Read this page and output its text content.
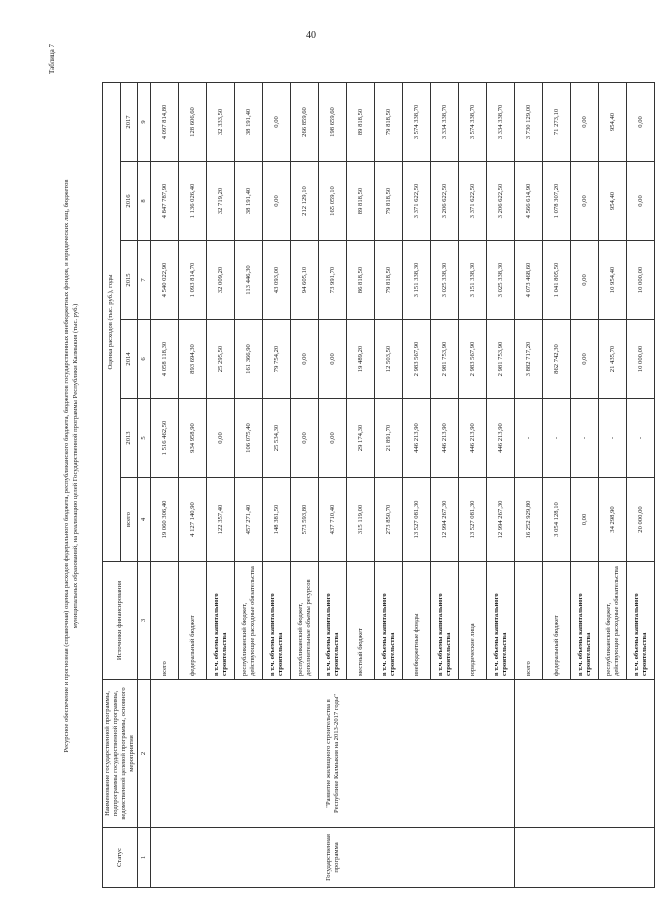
40
Таблица 7
Ресурсное обеспечение и прогнозная (справочная) оценка расходов федерального бюджета, республиканского бюджета, бюджетов государственных внебюджетных фондов, и юридических лиц, бюджетов муниципальных образований, на реализацию целей Государственной программы Республики Калмыкия (тыс. руб.)
Статус	Наименование государственной программы, подпрограммы государственной программы, ведомственной целевой программы, основного мероприятия	Источники финансирования	Оценка расходов (тыс. руб.), годы					
			всего	2013	2014	2015	2016	2017
1	2	3	4	5	6	7	8	9
Государственная программа	"Развитие жилищного строительства в Республике Калмыкия на 2013-2017 годы"	всего	19 060 306,40	1 516 462,50	4 058 118,30	4 540 022,90	4 847 787,90	4 097 814,80
		федеральный бюджет	4 127 140,90	934 958,90	893 694,30	1 093 814,70	1 136 026,40	128 606,60
		в т.ч. объемы капитального строительства	122 357,40	0,00	25 295,50	32 009,20	32 719,20	32 333,50
		республиканский бюджет, действующие расходные обязательства	457 271,40	106 075,40	161 366,90	113 446,30	38 191,40	38 191,40
		в т.ч. объемы капитального строительства	148 381,50	25 534,30	79 754,20	43 093,00	0,00	0,00
		республиканский бюджет, дополнительные объемы ресурсов	573 593,80	0,00	0,00	94 605,10	212 129,10	266 859,60
		в т.ч. объемы капитального строительства	437 710,40	0,00	0,00	73 991,70	165 059,10	198 659,60
		местный бюджет	315 119,00	29 174,30	19 489,20	86 818,50	89 818,50	89 818,50
		в т.ч. объемы капитального строительства	273 850,70	21 891,70	12 503,50	79 818,50	79 818,50	79 818,50
		внебюджетные фонды	13 527 081,30	446 213,90	2 983 567,90	3 151 338,30	3 371 622,50	3 574 338,70
		в т.ч. объемы капитального строительства	12 994 267,30	446 213,90	2 981 753,90	3 025 338,30	3 206 622,50	3 334 338,70
		юридические лица	13 527 081,30	446 213,90	2 983 567,90	3 151 338,30	3 371 622,50	3 574 338,70
		в т.ч. объемы капитального строительства	12 994 267,30	446 213,90	2 981 753,90	3 025 338,30	3 206 622,50	3 334 338,70
		всего	16 252 929,80	-	3 882 717,20	4 073 468,60	4 566 614,90	3 730 129,00
		федеральный бюджет	3 054 128,10	-	862 742,30	1 041 805,50	1 078 307,20	71 273,10
		в т.ч. объемы капитального строительства	0,00	-	0,00	0,00	0,00	0,00
		республиканский бюджет, действующие расходные обязательства	34 298,90	-	21 435,70	10 954,40	954,40	954,40
		в т.ч. объемы капитального строительства	20 000,00	-	10 000,00	10 000,00	0,00	0,00
